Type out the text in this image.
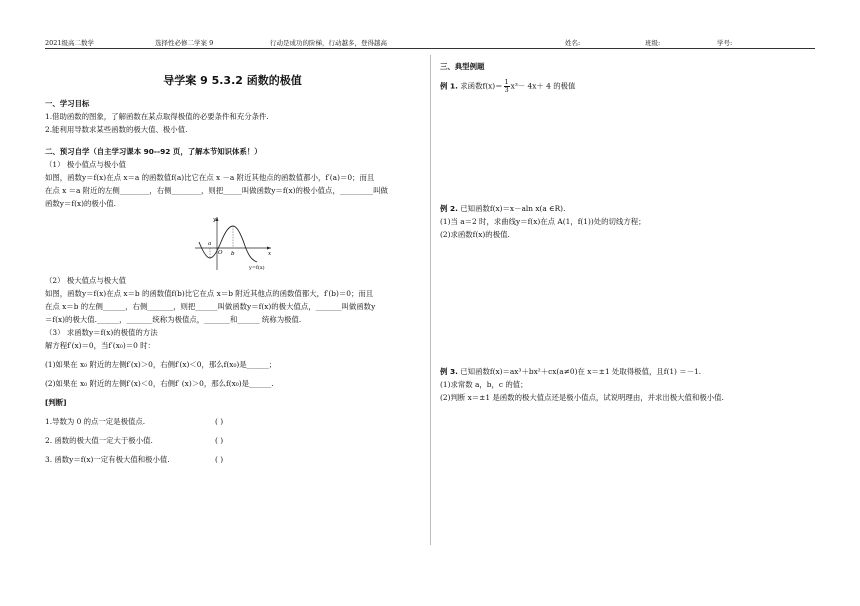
2021级高二数学	选择性必修二学案 9	行动是成功的阶梯，行动越多，登得越高	姓名:	班级:	学号:

导学案 9 5.3.2 函数的极值

一、学习目标

1.借助函数的图象，了解函数在某点取得极值的必要条件和充分条件.

2.能利用导数求某些函数的极大值、极小值.

二、预习自学（自主学习课本 90--92 页，了解本节知识体系！）

（1） 极小值点与极小值

如图，函数y＝f(x)在点 x＝a 的函数值f(a)比它在点 x －a 附近其他点的函数值都小，f′(a)＝0；而且

在点 x ＝a 附近的左侧________，右侧________，则把_____叫做函数y＝f(x)的极小值点，_________叫做

函数y＝f(x)的极小值.

y
a
O b	x
y=f(x)

（2） 极大值点与极大值

如图，函数y＝f(x)在点 x＝b 的函数值f(b)比它在点 x＝b 附近其他点的函数值都大，f′(b)＝0；而且

在点 x＝b 的左侧______，右侧_______，则把______叫做函数y＝f(x)的极大值点，_______叫做函数y

＝f(x)的极大值.______，_______统称为极值点，_______和______ 统称为极值.

（3） 求函数y＝f(x)的极值的方法

解方程f′(x)＝0，当f′(x₀)＝0 时：

(1)如果在 x₀ 附近的左侧f′(x)＞0，右侧f′(x)＜0，那么f(x₀)是______；

(2)如果在 x₀ 附近的左侧f′(x)＜0，右侧f′ (x)＞0，那么f(x₀)是______.

[判断]

1.导数为 0 的点一定是极值点.	( )

2. 函数的极大值一定大于极小值.	( )

3. 函数y＝f(x)一定有极大值和极小值.	( )

三、典型例题

例 1. 求函数$f(x)= \frac{1}{3} x^3- 4x+ 4$ 的极值

例 2. 已知函数f(x)＝x－aln x(a ∈R).

(1)当 a＝2 时，求曲线y＝f(x)在点 A(1，f(1))处的切线方程；

(2)求函数f(x)的极值.

例 3. 已知函数f(x)＝ax³＋bx²＋cx(a≠0)在 x＝±1 处取得极值，且f(1) ＝－1.

(1)求常数 a，b，c 的值；

(2)判断 x＝±1 是函数的极大值点还是极小值点，试说明理由，并求出极大值和极小值.
